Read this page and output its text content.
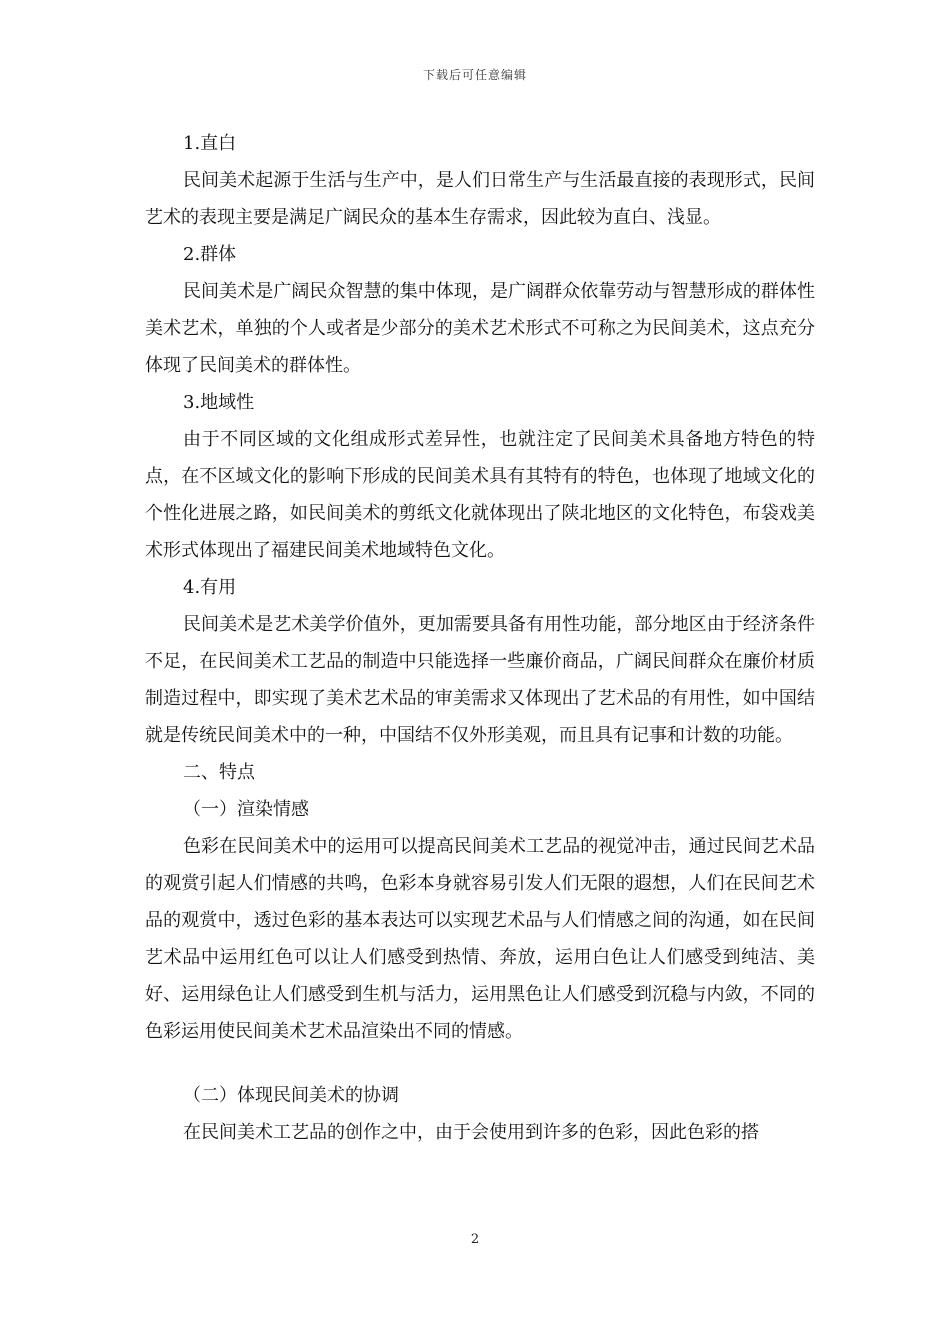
下载后可任意编辑

1.直白

民间美术起源于生活与生产中，是人们日常生产与生活最直接的表现形式，民间艺术的表现主要是满足广阔民众的基本生存需求，因此较为直白、浅显。

2.群体

民间美术是广阔民众智慧的集中体现，是广阔群众依靠劳动与智慧形成的群体性美术艺术，单独的个人或者是少部分的美术艺术形式不可称之为民间美术，这点充分体现了民间美术的群体性。

3.地域性

由于不同区域的文化组成形式差异性，也就注定了民间美术具备地方特色的特点，在不区域文化的影响下形成的民间美术具有其特有的特色，也体现了地域文化的个性化进展之路，如民间美术的剪纸文化就体现出了陕北地区的文化特色，布袋戏美术形式体现出了福建民间美术地域特色文化。

4.有用

民间美术是艺术美学价值外，更加需要具备有用性功能，部分地区由于经济条件不足，在民间美术工艺品的制造中只能选择一些廉价商品，广阔民间群众在廉价材质制造过程中，即实现了美术艺术品的审美需求又体现出了艺术品的有用性，如中国结就是传统民间美术中的一种，中国结不仅外形美观，而且具有记事和计数的功能。

二、特点

（一）渲染情感

色彩在民间美术中的运用可以提高民间美术工艺品的视觉冲击，通过民间艺术品的观赏引起人们情感的共鸣，色彩本身就容易引发人们无限的遐想，人们在民间艺术品的观赏中，透过色彩的基本表达可以实现艺术品与人们情感之间的沟通，如在民间艺术品中运用红色可以让人们感受到热情、奔放，运用白色让人们感受到纯洁、美好、运用绿色让人们感受到生机与活力，运用黑色让人们感受到沉稳与内敛，不同的色彩运用使民间美术艺术品渲染出不同的情感。

（二）体现民间美术的协调

在民间美术工艺品的创作之中，由于会使用到许多的色彩，因此色彩的搭

2
